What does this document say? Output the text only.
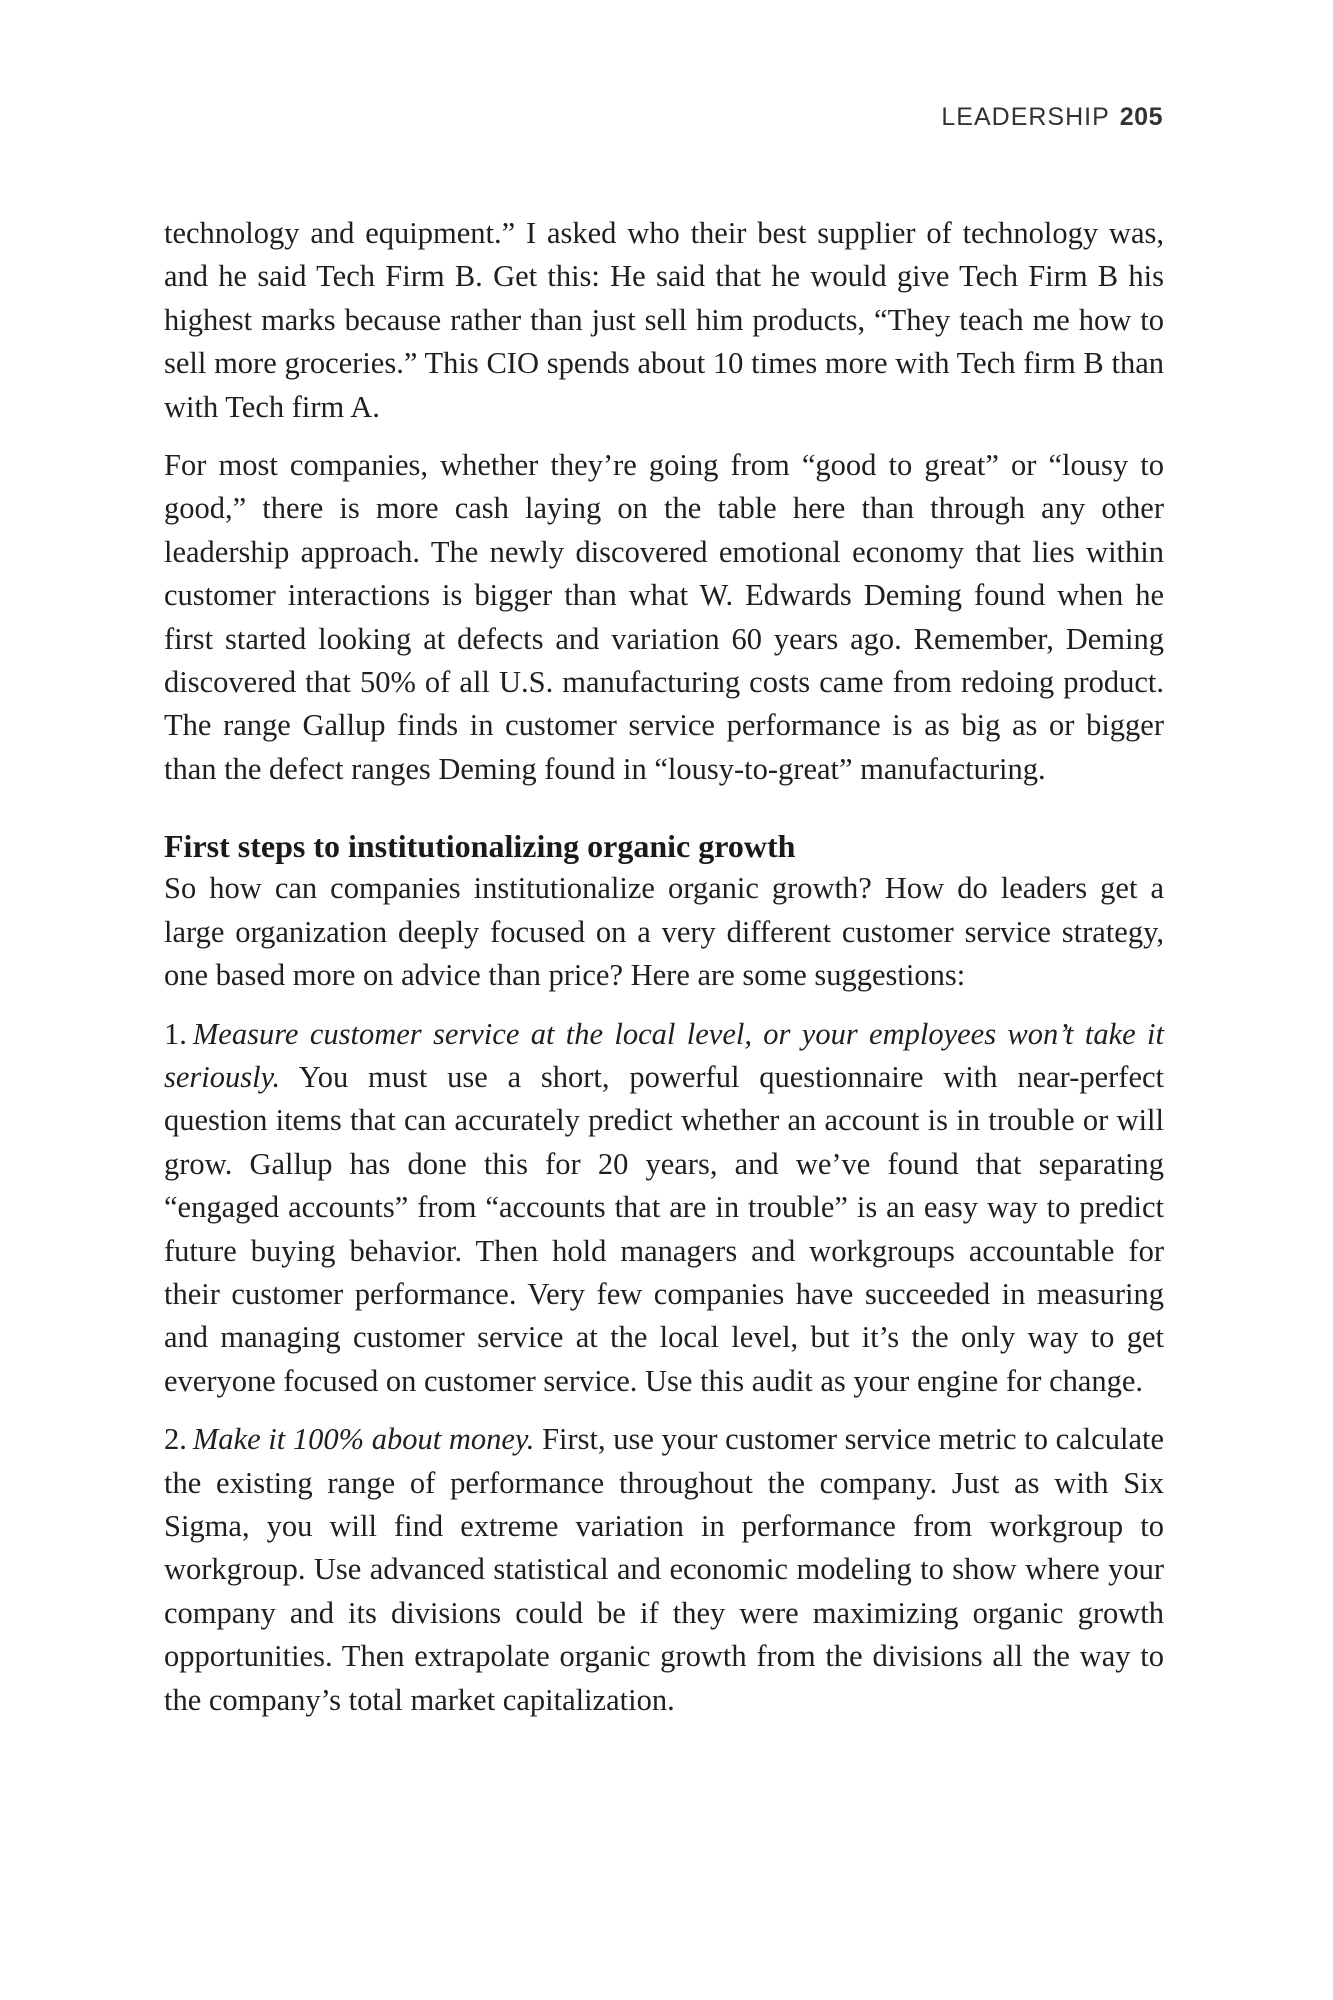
LEADERSHIP 205

technology and equipment.” I asked who their best supplier of technology was, and he said Tech Firm B. Get this: He said that he would give Tech Firm B his highest marks because rather than just sell him products, “They teach me how to sell more groceries.” This CIO spends about 10 times more with Tech firm B than with Tech firm A.

For most companies, whether they’re going from “good to great” or “lousy to good,” there is more cash laying on the table here than through any other leadership approach. The newly discovered emotional economy that lies within customer interactions is bigger than what W. Edwards Deming found when he first started looking at defects and variation 60 years ago. Remember, Deming discovered that 50% of all U.S. manufacturing costs came from redoing product. The range Gallup finds in customer service performance is as big as or bigger than the defect ranges Deming found in “lousy-to-great” manufacturing.

First steps to institutionalizing organic growth

So how can companies institutionalize organic growth? How do leaders get a large organization deeply focused on a very different customer service strategy, one based more on advice than price? Here are some suggestions:

1. Measure customer service at the local level, or your employees won’t take it seriously. You must use a short, powerful questionnaire with near-perfect question items that can accurately predict whether an account is in trouble or will grow. Gallup has done this for 20 years, and we’ve found that separating “engaged accounts” from “accounts that are in trouble” is an easy way to predict future buying behavior. Then hold managers and workgroups accountable for their customer performance. Very few companies have succeeded in measuring and managing customer service at the local level, but it’s the only way to get everyone focused on customer service. Use this audit as your engine for change.

2. Make it 100% about money. First, use your customer service metric to calculate the existing range of performance throughout the company. Just as with Six Sigma, you will find extreme variation in performance from workgroup to workgroup. Use advanced statistical and economic modeling to show where your company and its divisions could be if they were maximizing organic growth opportunities. Then extrapolate organic growth from the divisions all the way to the company’s total market capitalization.
